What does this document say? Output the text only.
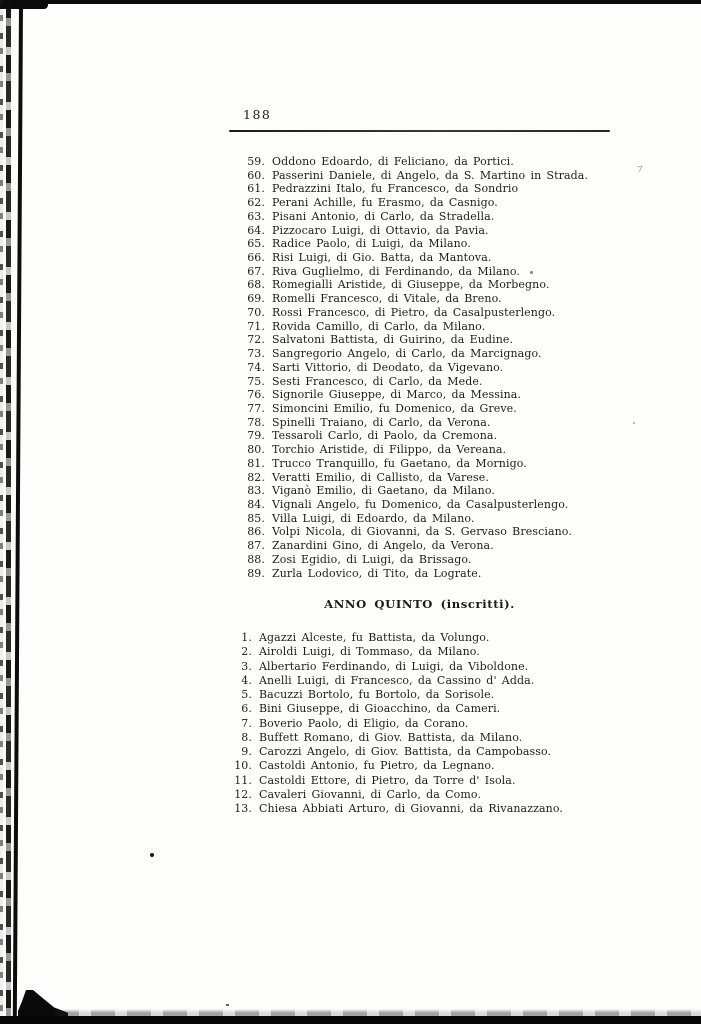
188
7
59. Oddono Edoardo, di Feliciano, da Portici.
60. Passerini Daniele, di Angelo, da S. Martino in Strada.
61. Pedrazzini Italo, fu Francesco, da Sondrio
62. Perani Achille, fu Erasmo, da Casnigo.
63. Pisani Antonio, di Carlo, da Stradella.
64. Pizzocaro Luigi, di Ottavio, da Pavia.
65. Radice Paolo, di Luigi, da Milano.
66. Risi Luigi, di Gio. Batta, da Mantova.
67. Riva Guglielmo, di Ferdinando, da Milano.
68. Romegialli Aristide, di Giuseppe, da Morbegno.
69. Romelli Francesco, di Vitale, da Breno.
70. Rossi Francesco, di Pietro, da Casalpusterlengo.
71. Rovida Camillo, di Carlo, da Milano.
72. Salvatoni Battista, di Guirino, da Eudine.
73. Sangregorio Angelo, di Carlo, da Marcignago.
74. Sarti Vittorio, di Deodato, da Vigevano.
75. Sesti Francesco, di Carlo, da Mede.
76. Signorile Giuseppe, di Marco, da Messina.
77. Simoncini Emilio, fu Domenico, da Greve.
78. Spinelli Traiano, di Carlo, da Verona.
79. Tessaroli Carlo, di Paolo, da Cremona.
80. Torchio Aristide, di Filippo, da Vereana.
81. Trucco Tranquillo, fu Gaetano, da Mornigo.
82. Veratti Emilio, di Callisto, da Varese.
83. Viganò Emilio, di Gaetano, da Milano.
84. Vignali Angelo, fu Domenico, da Casalpusterlengo.
85. Villa Luigi, di Edoardo, da Milano.
86. Volpi Nicola, di Giovanni, da S. Gervaso Bresciano.
87. Zanardini Gino, di Angelo, da Verona.
88. Zosi Egidio, di Luigi, da Brissago.
89. Zurla Lodovico, di Tito, da Lograte.
ANNO QUINTO (inscritti).
1. Agazzi Alceste, fu Battista, da Volungo.
2. Airoldi Luigi, di Tommaso, da Milano.
3. Albertario Ferdinando, di Luigi, da Viboldone.
4. Anelli Luigi, di Francesco, da Cassino d' Adda.
5. Bacuzzi Bortolo, fu Bortolo, da Sorisole.
6. Bini Giuseppe, di Gioacchino, da Cameri.
7. Boverio Paolo, di Eligio, da Corano.
8. Buffett Romano, di Giov. Battista, da Milano.
9. Carozzi Angelo, di Giov. Battista, da Campobasso.
10. Castoldi Antonio, fu Pietro, da Legnano.
11. Castoldi Ettore, di Pietro, da Torre d' Isola.
12. Cavaleri Giovanni, di Carlo, da Como.
13. Chiesa Abbiati Arturo, di Giovanni, da Rivanazzano.
